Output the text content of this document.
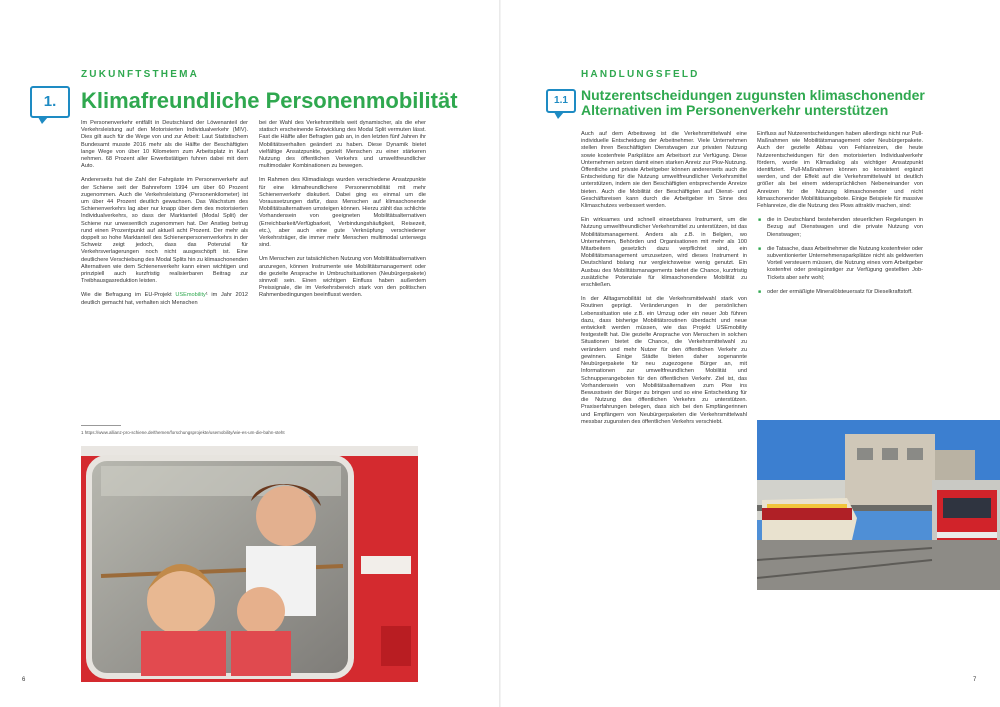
ZUKUNFTSTHEMA
1.	Klimafreundliche Personenmobilität

Im Personenverkehr entfällt in Deutschland der Löwenanteil der Verkehrsleistung auf den Motorisierten Individualverkehr (MIV). Dies gilt auch für die Wege von und zur Arbeit: Laut Statistischem Bundesamt musste 2016 mehr als die Hälfte der Beschäftigten lange Wege von über 10 Kilometern zum Arbeitsplatz in Kauf nehmen. 68 Prozent aller Erwerbstätigen fuhren dabei mit dem Auto.

Andererseits hat die Zahl der Fahrgäste im Personenverkehr auf der Schiene seit der Bahnreform 1994 um über 60 Prozent zugenommen. Auch die Verkehrsleistung (Personenkilometer) ist um über 44 Prozent deutlich gewachsen. Das Wachstum des Schienenverkehrs lag aber nur knapp über dem des motorisierten Individualverkehrs, so dass der Marktanteil (Modal Split) der Schiene nur unwesentlich zugenommen hat. Der Anstieg betrug rund einen Prozentpunkt auf aktuell acht Prozent. Der mehr als doppelt so hohe Marktanteil des Schienenpersonenverkehrs in der Schweiz zeigt jedoch, dass das Potenzial für Verkehrsverlagerungen noch nicht ausgeschöpft ist. Eine deutlichere Verschiebung des Modal Splits hin zu klimaschonenden Alternativen wie dem Schienenverkehr kann einen wichtigen und prinzipiell auch kurzfristig realisierbaren Beitrag zur Treibhausgasreduktion leisten.

Wie die Befragung im EU-Projekt USEmobility¹ im Jahr 2012 deutlich gemacht hat, verhalten sich Menschen

bei der Wahl des Verkehrsmittels weit dynamischer, als die eher statisch erscheinende Entwicklung des Modal Split vermuten lässt. Fast die Hälfte aller Befragten gab an, in den letzten fünf Jahren ihr Mobilitätsverhalten geändert zu haben. Diese Dynamik bietet vielfältige Ansatzpunkte, gezielt Menschen zu einer stärkeren Nutzung des öffentlichen Verkehrs und umweltfreundlicher multimodaler Kombinationen zu bewegen.

Im Rahmen des Klimadialogs wurden verschiedene Ansatzpunkte für eine klimafreundlichere Personenmobilität mit mehr Schienenverkehr diskutiert. Dabei ging es einmal um die Voraussetzungen dafür, dass Menschen auf klimaschonende Mobilitätsalternativen umsteigen können. Hierzu zählt das schlichte Vorhandensein von geeigneten Mobilitätsalternativen (Erreichbarkeit/Verfügbarkeit, Verbindungshäufigkeit, Reisezeit, etc.), aber auch eine gute Verknüpfung verschiedener Verkehrsträger, die immer mehr Menschen multimodal unterwegs sind.

Um Menschen zur tatsächlichen Nutzung von Mobilitätsalternativen anzuregen, können Instrumente wie Mobilitätsmanagement oder die gezielte Ansprache in Umbruchsituationen (Neubürgerpakete) sinnvoll sein. Einen wichtigen Einfluss haben außerdem Preissignale, die im Verkehrsbereich stark von den politischen Rahmenbedingungen beeinflusst werden.

1 https://www.allianz-pro-schiene.de/themen/forschungsprojekte/usemobility/wie-es-um-die-bahn-steht
6
HANDLUNGSFELD
1.1 Nutzerentscheidungen zugunsten klimaschonender
Alternativen im Personenverkehr unterstützen

Auch auf dem Arbeitsweg ist die Verkehrsmittelwahl eine individuelle Entscheidung der Arbeitnehmer. Viele Unternehmen stellen ihren Beschäftigten Dienstwagen zur privaten Nutzung sowie kostenfreie Parkplätze am Arbeitsort zur Verfügung. Diese Unternehmen setzen damit einen starken Anreiz zur Pkw-Nutzung. Öffentliche und private Arbeitgeber können andererseits auch die Entscheidung für die Nutzung umweltfreundlicher Verkehrsmittel unterstützen, indem sie den Beschäftigten entsprechende Anreize bieten. Auch die Mobilität der Beschäftigten auf Dienst- und Geschäftsreisen kann durch die Arbeitgeber im Sinne des Klimaschutzes verbessert werden.

Ein wirksames und schnell einsetzbares Instrument, um die Nutzung umweltfreundlicher Verkehrsmittel zu unterstützen, ist das Mobilitätsmanagement. Anders als z.B. in Belgien, wo Unternehmen, Behörden und Organisationen mit mehr als 100 Mitarbeitern gesetzlich dazu verpflichtet sind, ein Mobilitätsmanagement umzusetzen, wird dieses Instrument in Deutschland bislang nur vergleichsweise wenig genutzt. Ein Ausbau des Mobilitätsmanagements bietet die Chance, kurzfristig zusätzliche Potenziale für klimaschonendere Mobilität zu erschließen.

In der Alltagsmobilität ist die Verkehrsmittelwahl stark von Routinen geprägt. Veränderungen in der persönlichen Lebenssituation wie z.B. ein Umzug oder ein neuer Job führen dazu, dass bisherige Mobilitätsroutinen überdacht und neue entwickelt werden müssen, wie das Projekt USEmobility festgestellt hat. Die gezielte Ansprache von Menschen in solchen Situationen bietet die Chance, die Verkehrsmittelwahl zu verändern und mehr Nutzer für den öffentlichen Verkehr zu gewinnen. Einige Städte bieten daher sogenannte Neubürgerpakete für neu zugezogene Bürger an, mit Informationen zur umweltfreundlichen Mobilität und Schnupperangeboten für den öffentlichen Verkehr. Ziel ist, das Vorhandensein von Mobilitätsalternativen zum Pkw ins Bewusstsein der Bürger zu bringen und so eine Entscheidung für die Nutzung des öffentlichen Verkehrs zu unterstützen. Praxiserfahrungen belegen, dass sich bei den Empfängerinnen und Empfängern von Neubürgerpaketen die Verkehrsmittelwahl messbar zugunsten des öffentlichen Verkehrs verschiebt.

Einfluss auf Nutzerentscheidungen haben allerdings nicht nur Pull-Maßnahmen wie Mobilitätsmanagement oder Neubürgerpakete. Auch der gezielte Abbau von Fehlanreizen, die heute Nutzerentscheidungen für den motorisierten Individualverkehr fördern, wurde im Klimadialog als wichtiger Ansatzpunkt identifiziert. Pull-Maßnahmen können so konsistent ergänzt werden, und der Effekt auf die Verkehrsmittelwahl ist deutlich größer als bei einem widersprüchlichen Nebeneinander von Anreizen für die Nutzung klimaschonender und nicht klimaschonender Mobilitätsangebote. Einige Beispiele für massive Fehlanreize, die die Nutzung des Pkws attraktiv machen, sind:

■ die in Deutschland bestehenden steuerlichen Regelungen in Bezug auf Dienstwagen und die private Nutzung von Dienstwagen;
■ die Tatsache, dass Arbeitnehmer die Nutzung kostenfreier oder subventionierter Unternehmensparkplätze nicht als geldwerten Vorteil versteuern müssen, die Nutzung eines vom Arbeitgeber kostenfrei oder preisgünstiger zur Verfügung gestellten Job-Tickets aber sehr wohl;
■ oder der ermäßigte Mineralölsteuersatz für Dieselkraftstoff.
7
